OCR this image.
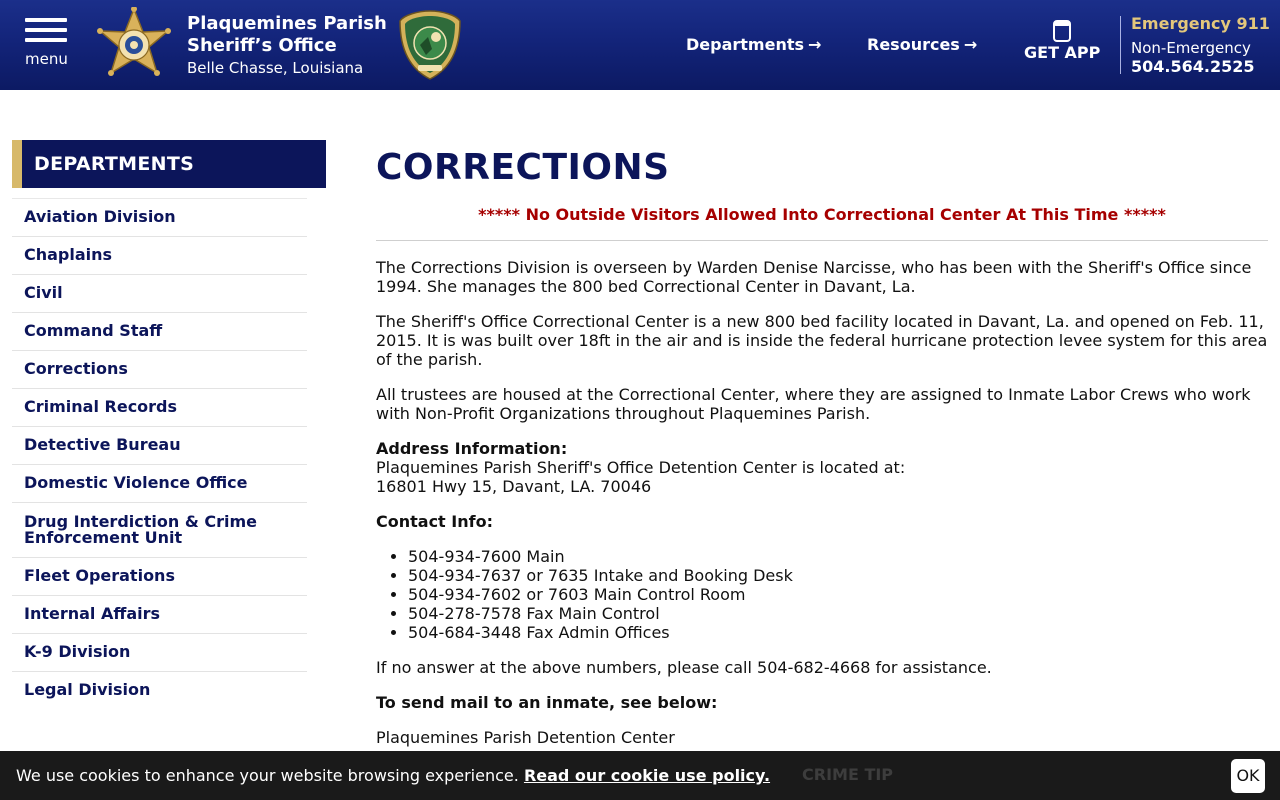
menu
Plaquemines Parish
Sheriff’s Office
Belle Chasse, Louisiana
Departments →	Resources →	GET APP
Emergency 911
Non-Emergency
504.564.2525
DEPARTMENTS
Aviation Division
Chaplains
Civil
Command Staff
Corrections
Criminal Records
Detective Bureau
Domestic Violence Office
Drug Interdiction & Crime Enforcement Unit
Fleet Operations
Internal Affairs
K-9 Division
Legal Division
CORRECTIONS
***** No Outside Visitors Allowed Into Correctional Center At This Time *****

The Corrections Division is overseen by Warden Denise Narcisse, who has been with the Sheriff's Office since 1994. She manages the 800 bed Correctional Center in Davant, La.

The Sheriff's Office Correctional Center is a new 800 bed facility located in Davant, La. and opened on Feb. 11, 2015. It is was built over 18ft in the air and is inside the federal hurricane protection levee system for this area of the parish.

All trustees are housed at the Correctional Center, where they are assigned to Inmate Labor Crews who work with Non-Profit Organizations throughout Plaquemines Parish.

Address Information:
Plaquemines Parish Sheriff's Office Detention Center is located at:
16801 Hwy 15, Davant, LA. 70046

Contact Info:

• 504-934-7600 Main
• 504-934-7637 or 7635 Intake and Booking Desk
• 504-934-7602 or 7603 Main Control Room
• 504-278-7578 Fax Main Control
• 504-684-3448 Fax Admin Offices

If no answer at the above numbers, please call 504-682-4668 for assistance.

To send mail to an inmate, see below:

Plaquemines Parish Detention Center

CRIME TIP
We use cookies to enhance your website browsing experience. Read our cookie use policy.	OK
